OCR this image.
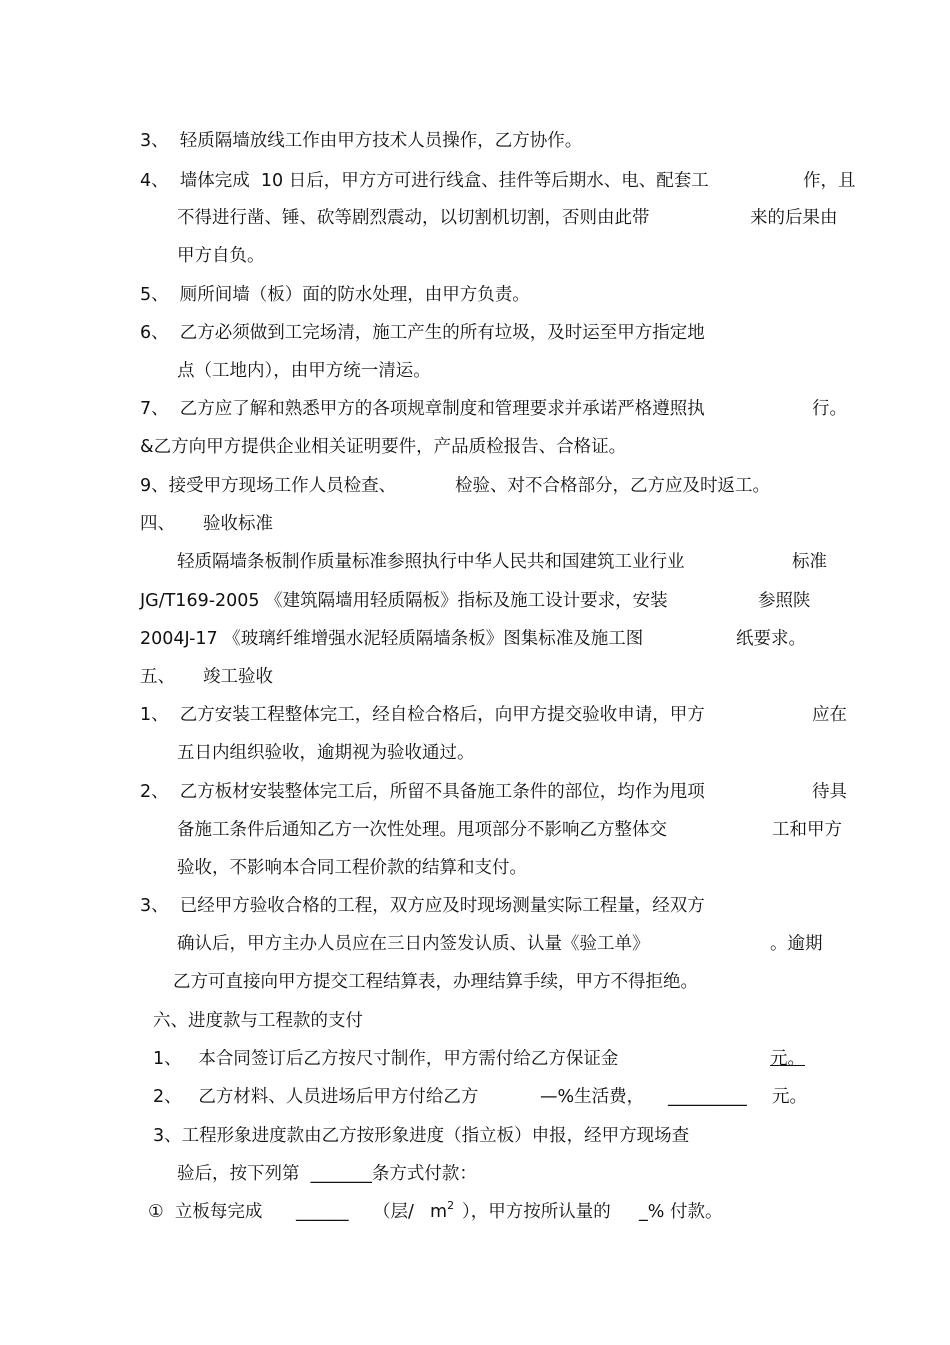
3、  轻质隔墙放线工作由甲方技术人员操作，乙方协作。
4、  墙体完成  10 日后，甲方方可进行线盒、挂件等后期水、电、配套工	作，且
不得进行凿、锤、砍等剧烈震动，以切割机切割，否则由此带	来的后果由
甲方自负。
5、  厕所间墙（板）面的防水处理，由甲方负责。
6、  乙方必须做到工完场清，施工产生的所有垃圾，及时运至甲方指定地
点（工地内），由甲方统一清运。
7、  乙方应了解和熟悉甲方的各项规章制度和管理要求并承诺严格遵照执	行。
&乙方向甲方提供企业相关证明要件，产品质检报告、合格证。
9、接受甲方现场工作人员检查、	检验、对不合格部分，乙方应及时返工。
四、 验收标准
轻质隔墙条板制作质量标准参照执行中华人民共和国建筑工业行业	标准
JG/T169-2005 《建筑隔墙用轻质隔板》指标及施工设计要求，安装	参照陕
2004J-17 《玻璃纤维增强水泥轻质隔墙条板》图集标准及施工图	纸要求。
五、 竣工验收
1、  乙方安装工程整体完工，经自检合格后，向甲方提交验收申请，甲方	应在
五日内组织验收，逾期视为验收通过。
2、  乙方板材安装整体完工后，所留不具备施工条件的部位，均作为甩项	待具
备施工条件后通知乙方一次性处理。甩项部分不影响乙方整体交	工和甲方
验收，不影响本合同工程价款的结算和支付。
3、  已经甲方验收合格的工程，双方应及时现场测量实际工程量，经双方
确认后，甲方主办人员应在三日内签发认质、认量《验工单》	。逾期
乙方可直接向甲方提交工程结算表，办理结算手续，甲方不得拒绝。
六、进度款与工程款的支付
1、   本合同签订后乙方按尺寸制作，甲方需付给乙方保证金	元。
2、   乙方材料、人员进场后甲方付给乙方	—%生活费， _________ 元。
3、工程形象进度款由乙方按形象进度（指立板）申报，经甲方现场查
验后，按下列第  _______条方式付款：
①  立板每完成 ______ （层/ $m^2$ ），甲方按所认量的 _% 付款。
